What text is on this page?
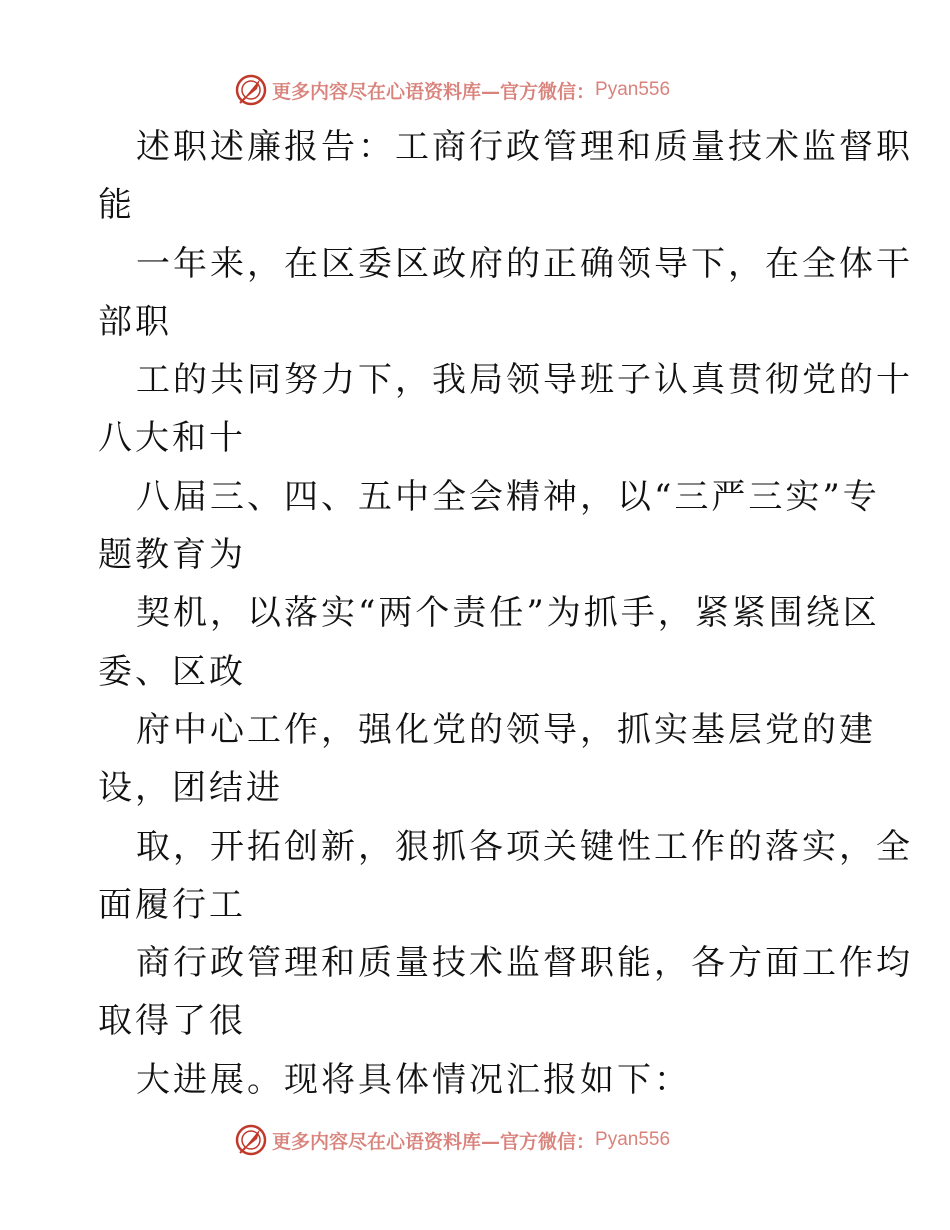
更多内容尽在心语资料库—官方微信： Pyan556
述职述廉报告：工商行政管理和质量技术监督职
能
一年来，在区委区政府的正确领导下，在全体干
部职
工的共同努力下，我局领导班子认真贯彻党的十
八大和十
八届三、四、五中全会精神，以“三严三实”专
题教育为
契机，以落实“两个责任”为抓手，紧紧围绕区
委、区政
府中心工作，强化党的领导，抓实基层党的建
设，团结进
取，开拓创新，狠抓各项关键性工作的落实，全
面履行工
商行政管理和质量技术监督职能，各方面工作均
取得了很
大进展。现将具体情况汇报如下：
更多内容尽在心语资料库—官方微信： Pyan556
